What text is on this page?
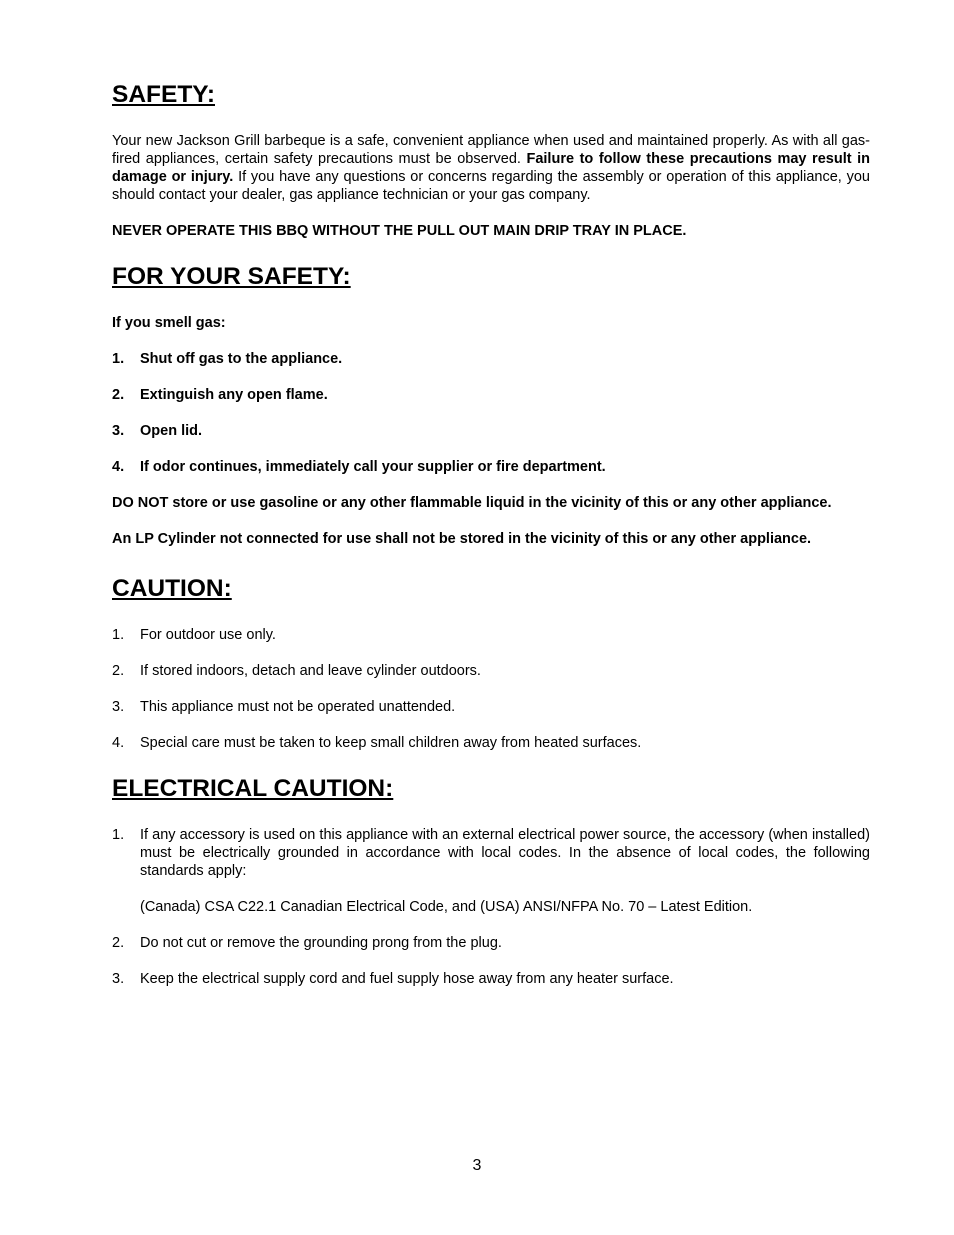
SAFETY:

Your new Jackson Grill barbeque is a safe, convenient appliance when used and maintained properly. As with all gas-fired appliances, certain safety precautions must be observed. Failure to follow these precautions may result in damage or injury. If you have any questions or concerns regarding the assembly or operation of this appliance, you should contact your dealer, gas appliance technician or your gas company.

NEVER OPERATE THIS BBQ WITHOUT THE PULL OUT MAIN DRIP TRAY IN PLACE.

FOR YOUR SAFETY:

If you smell gas:

1. Shut off gas to the appliance.
2. Extinguish any open flame.
3. Open lid.
4. If odor continues, immediately call your supplier or fire department.

DO NOT store or use gasoline or any other flammable liquid in the vicinity of this or any other appliance.

An LP Cylinder not connected for use shall not be stored in the vicinity of this or any other appliance.

CAUTION:
1. For outdoor use only.
2. If stored indoors, detach and leave cylinder outdoors.
3. This appliance must not be operated unattended.
4. Special care must be taken to keep small children away from heated surfaces.
ELECTRICAL CAUTION:
1. If any accessory is used on this appliance with an external electrical power source, the accessory (when installed) must be electrically grounded in accordance with local codes. In the absence of local codes, the following standards apply:

(Canada) CSA C22.1 Canadian Electrical Code, and (USA) ANSI/NFPA No. 70 – Latest Edition.

2. Do not cut or remove the grounding prong from the plug.
3. Keep the electrical supply cord and fuel supply hose away from any heater surface.
3
